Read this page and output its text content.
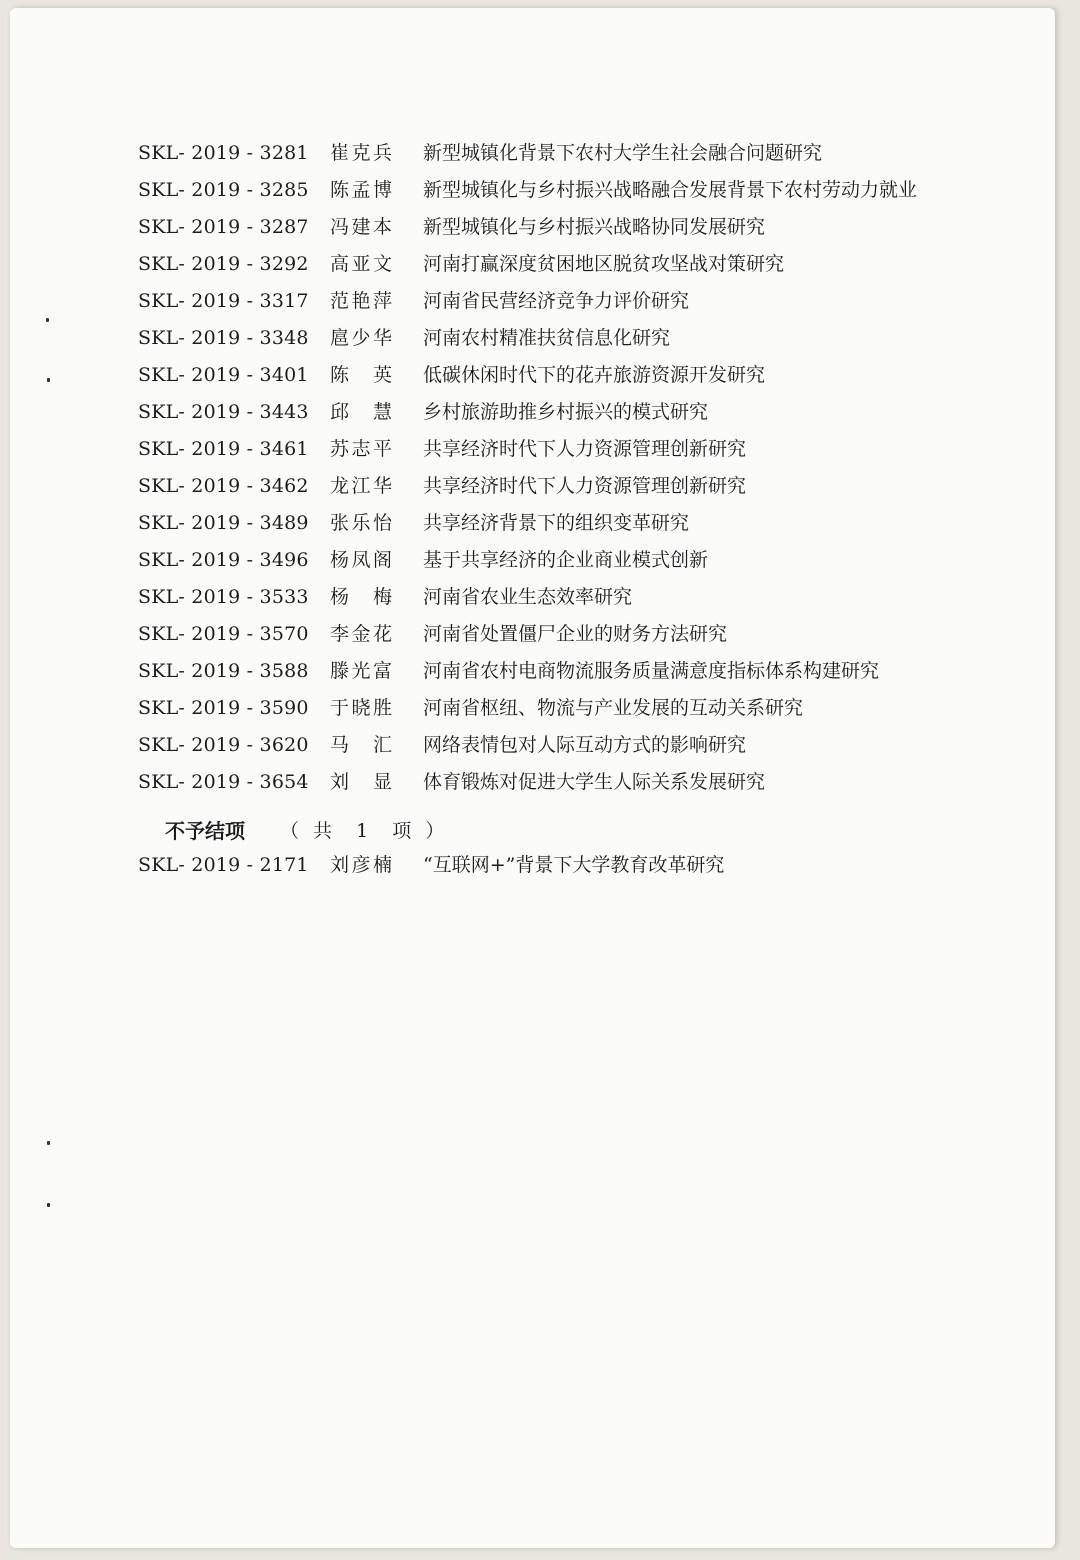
SKL- 2019 - 3281 崔克兵 新型城镇化背景下农村大学生社会融合问题研究
SKL- 2019 - 3285 陈孟博 新型城镇化与乡村振兴战略融合发展背景下农村劳动力就业
SKL- 2019 - 3287 冯建本 新型城镇化与乡村振兴战略协同发展研究
SKL- 2019 - 3292 高亚文 河南打赢深度贫困地区脱贫攻坚战对策研究
SKL- 2019 - 3317 范艳萍 河南省民营经济竞争力评价研究
SKL- 2019 - 3348 扈少华 河南农村精准扶贫信息化研究
SKL- 2019 - 3401 陈英 低碳休闲时代下的花卉旅游资源开发研究
SKL- 2019 - 3443 邱慧 乡村旅游助推乡村振兴的模式研究
SKL- 2019 - 3461 苏志平 共享经济时代下人力资源管理创新研究
SKL- 2019 - 3462 龙江华 共享经济时代下人力资源管理创新研究
SKL- 2019 - 3489 张乐怡 共享经济背景下的组织变革研究
SKL- 2019 - 3496 杨凤阁 基于共享经济的企业商业模式创新
SKL- 2019 - 3533 杨梅 河南省农业生态效率研究
SKL- 2019 - 3570 李金花 河南省处置僵尸企业的财务方法研究
SKL- 2019 - 3588 滕光富 河南省农村电商物流服务质量满意度指标体系构建研究
SKL- 2019 - 3590 于晓胜 河南省枢纽、物流与产业发展的互动关系研究
SKL- 2019 - 3620 马汇 网络表情包对人际互动方式的影响研究
SKL- 2019 - 3654 刘显 体育锻炼对促进大学生人际关系发展研究
不予结项 （ 共  1  项 ）
SKL- 2019 - 2171 刘彦楠 “互联网+”背景下大学教育改革研究
